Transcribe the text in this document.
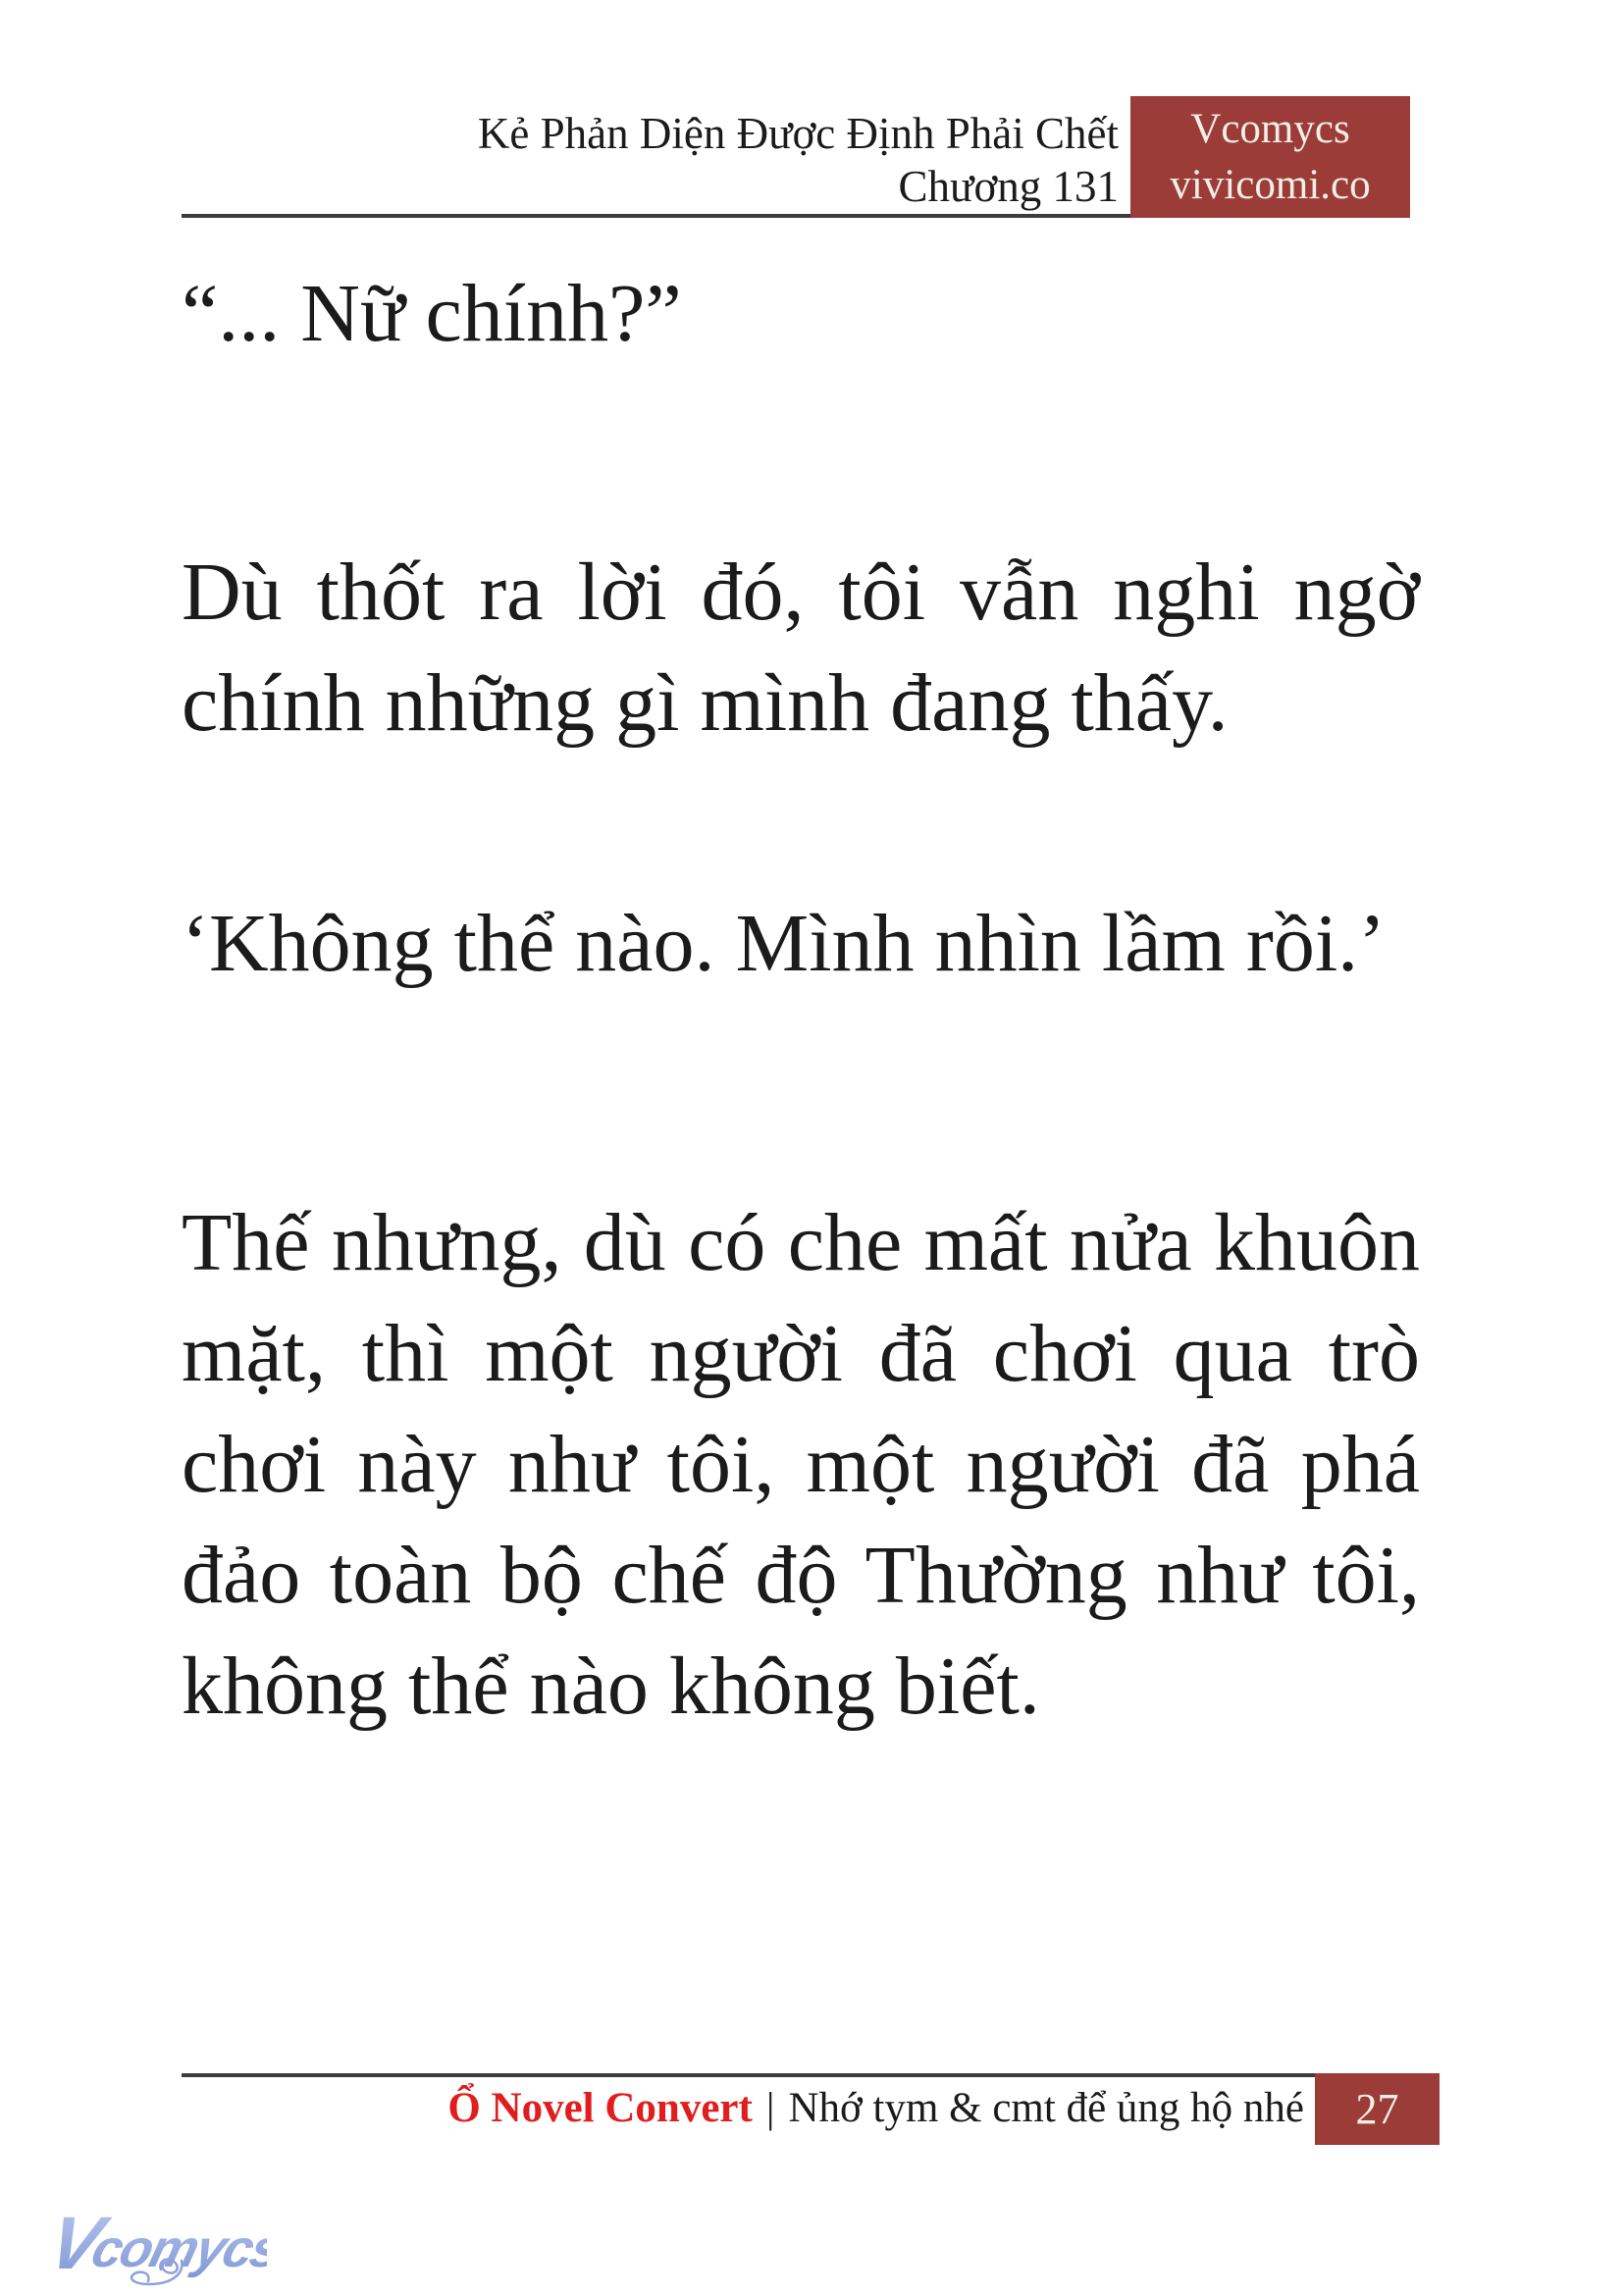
Kẻ Phản Diện Được Định Phải Chết
Chương 131
Vcomycs
vivicomi.co
“... Nữ chính?”
Dù thốt ra lời đó, tôi vẫn nghi ngờ
chính những gì mình đang thấy.
‘Không thể nào. Mình nhìn lầm rồi.’
Thế nhưng, dù có che mất nửa khuôn
mặt, thì một người đã chơi qua trò
chơi này như tôi, một người đã phá
đảo toàn bộ chế độ Thường như tôi,
không thể nào không biết.
Ổ Novel Convert | Nhớ tym & cmt để ủng hộ nhé	27
Vcomycs
